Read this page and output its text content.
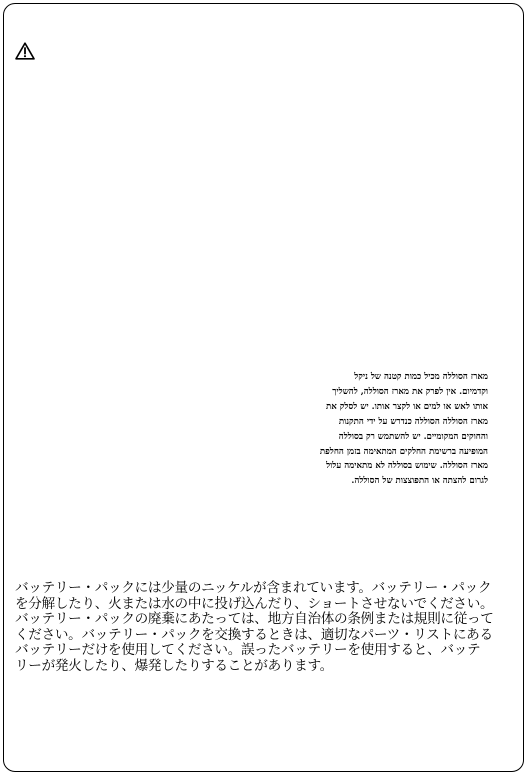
מארז הסוללה מכיל כמות קטנה של ניקל
וקדמיום. אין לפרק את מארז הסוללה, להשליך
אותו לאש או למים או לקצר אותו. יש לסלק את
מארז הסוללה הסוללה כנדרש על ידי התקנות
והחוקים המקומיים. יש להשתמש רק בסוללה
המופיעה ברשימת החלקים המתאימה בזמן החלפת
מארז הסוללה. שימוש בסוללה לא מתאימה עלול
לגרום להצתה או התפוצצות של הסוללה.
バッテリー・パックには少量のニッケルが含まれています。バッテリー・パック
を分解したり、火または水の中に投げ込んだり、ショートさせないでください。
バッテリー・パックの廃棄にあたっては、地方自治体の条例または規則に従って
ください。バッテリー・パックを交換するときは、適切なパーツ・リストにある
バッテリーだけを使用してください。誤ったバッテリーを使用すると、バッテ
リーが発火したり、爆発したりすることがあります。
